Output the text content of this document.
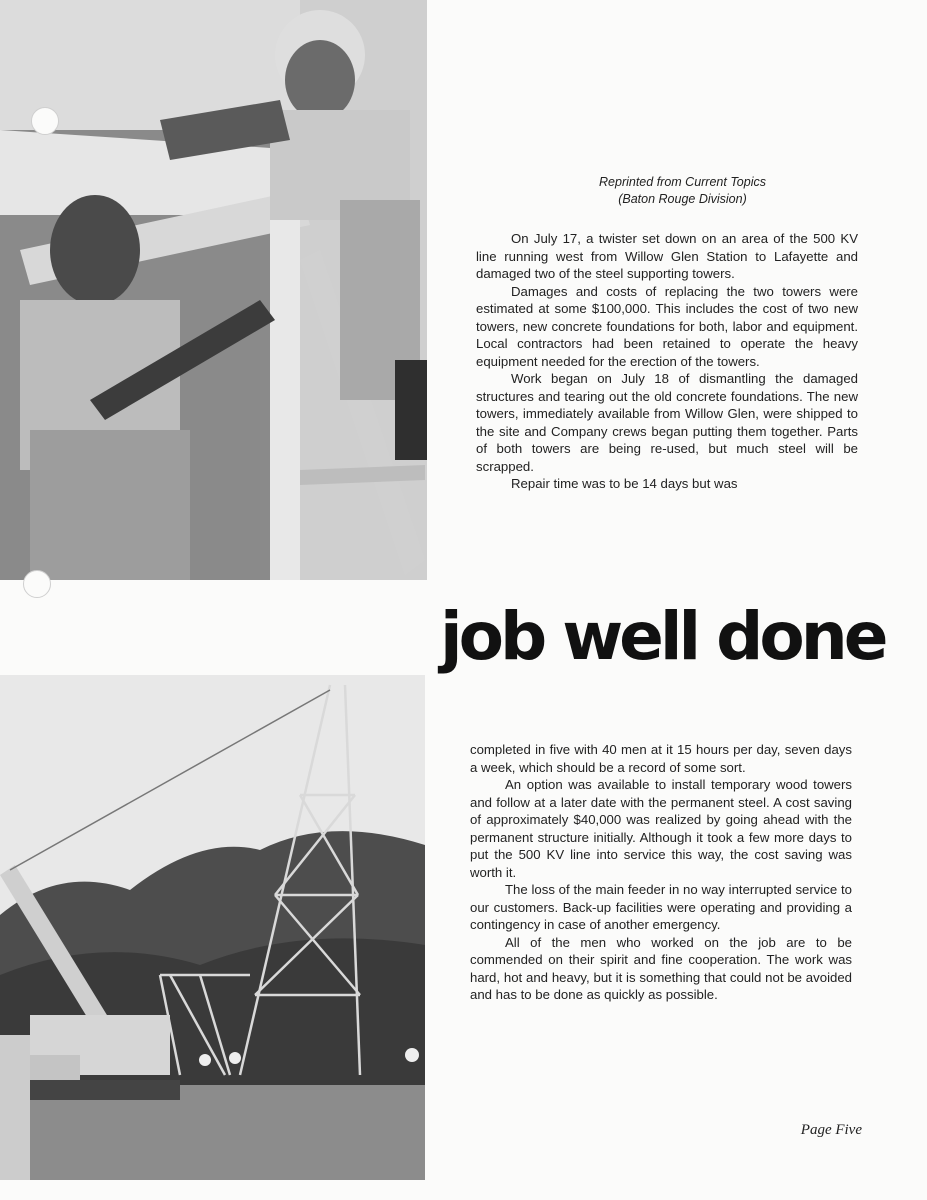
Reprinted from Current Topics
(Baton Rouge Division)

On July 17, a twister set down on an area of the 500 KV line running west from Willow Glen Station to Lafayette and damaged two of the steel supporting towers.

Damages and costs of replacing the two towers were estimated at some $100,000. This includes the cost of two new towers, new concrete foundations for both, labor and equipment. Local contractors had been retained to operate the heavy equipment needed for the erection of the towers.

Work began on July 18 of dismantling the damaged structures and tearing out the old concrete foundations. The new towers, immediately available from Willow Glen, were shipped to the site and Company crews began putting them together. Parts of both towers are being re-used, but much steel will be scrapped.

Repair time was to be 14 days but was

job well done

completed in five with 40 men at it 15 hours per day, seven days a week, which should be a record of some sort.

An option was available to install temporary wood towers and follow at a later date with the permanent steel. A cost saving of approximately $40,000 was realized by going ahead with the permanent structure initially. Although it took a few more days to put the 500 KV line into service this way, the cost saving was worth it.

The loss of the main feeder in no way interrupted service to our customers. Back-up facilities were operating and providing a contingency in case of another emergency.

All of the men who worked on the job are to be commended on their spirit and fine cooperation. The work was hard, hot and heavy, but it is something that could not be avoided and has to be done as quickly as possible.

Page Five
